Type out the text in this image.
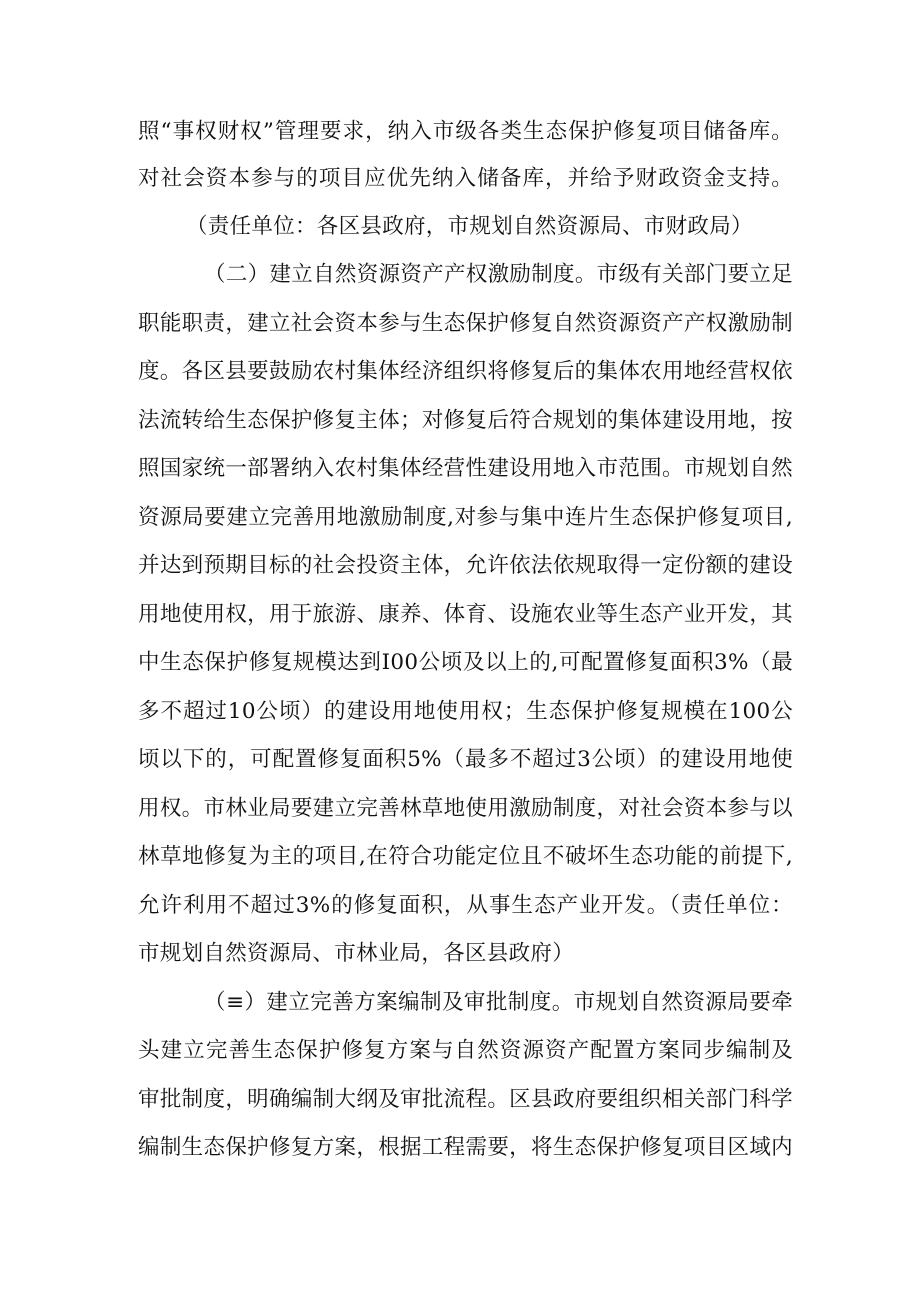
照“事权财权”管理要求，纳入市级各类生态保护修复项目储备库。
对社会资本参与的项目应优先纳入储备库，并给予财政资金支持。
（责任单位：各区县政府，市规划自然资源局、市财政局）
（二）建立自然资源资产产权激励制度。市级有关部门要立足
职能职责，建立社会资本参与生态保护修复自然资源资产产权激励制
度。各区县要鼓励农村集体经济组织将修复后的集体农用地经营权依
法流转给生态保护修复主体；对修复后符合规划的集体建设用地，按
照国家统一部署纳入农村集体经营性建设用地入市范围。市规划自然
资源局要建立完善用地激励制度,对参与集中连片生态保护修复项目,
并达到预期目标的社会投资主体，允许依法依规取得一定份额的建设
用地使用权，用于旅游、康养、体育、设施农业等生态产业开发，其
中生态保护修复规模达到I00公顷及以上的,可配置修复面积3%（最
多不超过10公顷）的建设用地使用权；生态保护修复规模在100公
顷以下的，可配置修复面积5%（最多不超过3公顷）的建设用地使
用权。市林业局要建立完善林草地使用激励制度，对社会资本参与以
林草地修复为主的项目,在符合功能定位且不破坏生态功能的前提下,
允许利用不超过3%的修复面积，从事生态产业开发。（责任单位：
市规划自然资源局、市林业局，各区县政府）
（≡）建立完善方案编制及审批制度。市规划自然资源局要牵
头建立完善生态保护修复方案与自然资源资产配置方案同步编制及
审批制度，明确编制大纲及审批流程。区县政府要组织相关部门科学
编制生态保护修复方案，根据工程需要，将生态保护修复项目区域内
